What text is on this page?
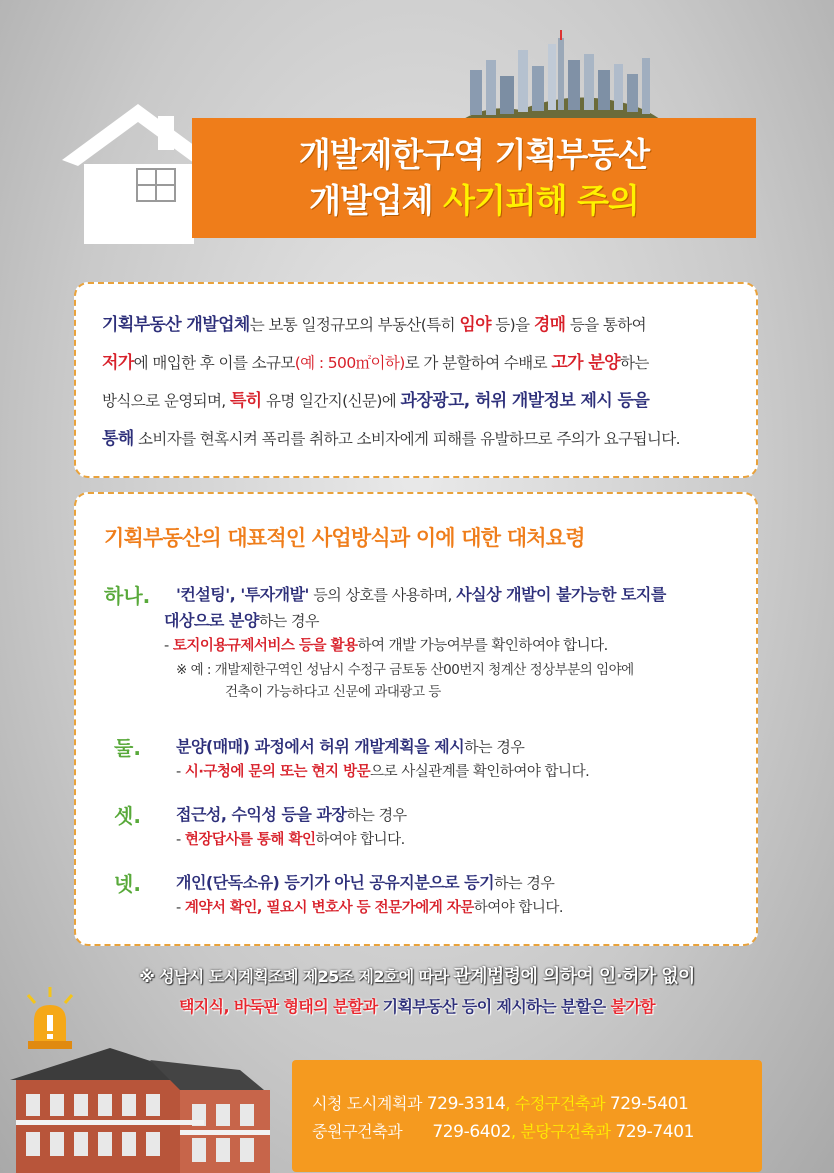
개발제한구역 기획부동산
개발업체 사기피해 주의

기획부동산 개발업체는 보통 일정규모의 부동산(특히 임야 등)을 경매 등을 통하여

저가에 매입한 후 이를 소규모(예 : 500㎡이하)로 가 분할하여 수배로 고가 분양하는

방식으로 운영되며, 특히 유명 일간지(신문)에 과장광고, 허위 개발정보 제시 등을

통해 소비자를 현혹시켜 폭리를 취하고 소비자에게 피해를 유발하므로 주의가 요구됩니다.

기획부동산의 대표적인 사업방식과 이에 대한 대처요령
하나. '컨설팅', '투자개발' 등의 상호를 사용하며, 사실상 개발이 불가능한 토지를
대상으로 분양하는 경우
- 토지이용규제서비스 등을 활용하여 개발 가능여부를 확인하여야 합니다.
※ 예 : 개발제한구역인 성남시 수정구 금토동 산00번지 청계산 정상부분의 임야에
건축이 가능하다고 신문에 과대광고 등
둘. 분양(매매) 과정에서 허위 개발계획을 제시하는 경우
- 시·구청에 문의 또는 현지 방문으로 사실관계를 확인하여야 합니다.
셋. 접근성, 수익성 등을 과장하는 경우
- 현장답사를 통해 확인하여야 합니다.
넷. 개인(단독소유) 등기가 아닌 공유지분으로 등기하는 경우
- 계약서 확인, 필요시 변호사 등 전문가에게 자문하여야 합니다.
※ 성남시 도시계획조례 제25조 제2호에 따라 관계법령에 의하여 인·허가 없이
택지식, 바둑판 형태의 분할과 기획부동산 등이 제시하는 분할은 불가함
시청 도시계획과 729-3314, 수정구건축과 729-5401
중원구건축과 729-6402, 분당구건축과 729-7401
